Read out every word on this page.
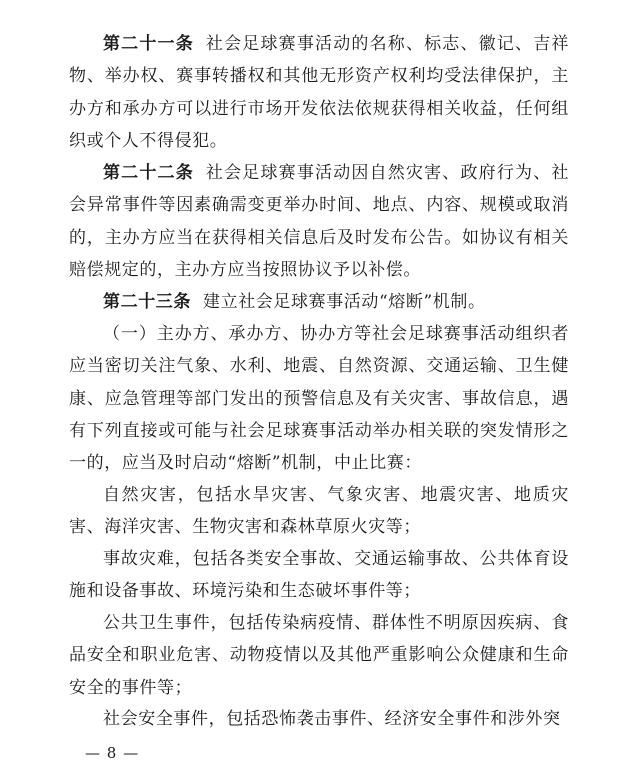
第二十一条 社会足球赛事活动的名称、标志、徽记、吉祥物、举办权、赛事转播权和其他无形资产权利均受法律保护，主办方和承办方可以进行市场开发依法依规获得相关收益，任何组织或个人不得侵犯。

第二十二条 社会足球赛事活动因自然灾害、政府行为、社会异常事件等因素确需变更举办时间、地点、内容、规模或取消的，主办方应当在获得相关信息后及时发布公告。如协议有相关赔偿规定的，主办方应当按照协议予以补偿。

第二十三条 建立社会足球赛事活动“熔断”机制。

（一）主办方、承办方、协办方等社会足球赛事活动组织者应当密切关注气象、水利、地震、自然资源、交通运输、卫生健康、应急管理等部门发出的预警信息及有关灾害、事故信息，遇有下列直接或可能与社会足球赛事活动举办相关联的突发情形之一的，应当及时启动“熔断”机制，中止比赛：

自然灾害，包括水旱灾害、气象灾害、地震灾害、地质灾害、海洋灾害、生物灾害和森林草原火灾等；

事故灾难，包括各类安全事故、交通运输事故、公共体育设施和设备事故、环境污染和生态破坏事件等；

公共卫生事件，包括传染病疫情、群体性不明原因疾病、食品安全和职业危害、动物疫情以及其他严重影响公众健康和生命安全的事件等；

社会安全事件，包括恐怖袭击事件、经济安全事件和涉外突

— 8 —
